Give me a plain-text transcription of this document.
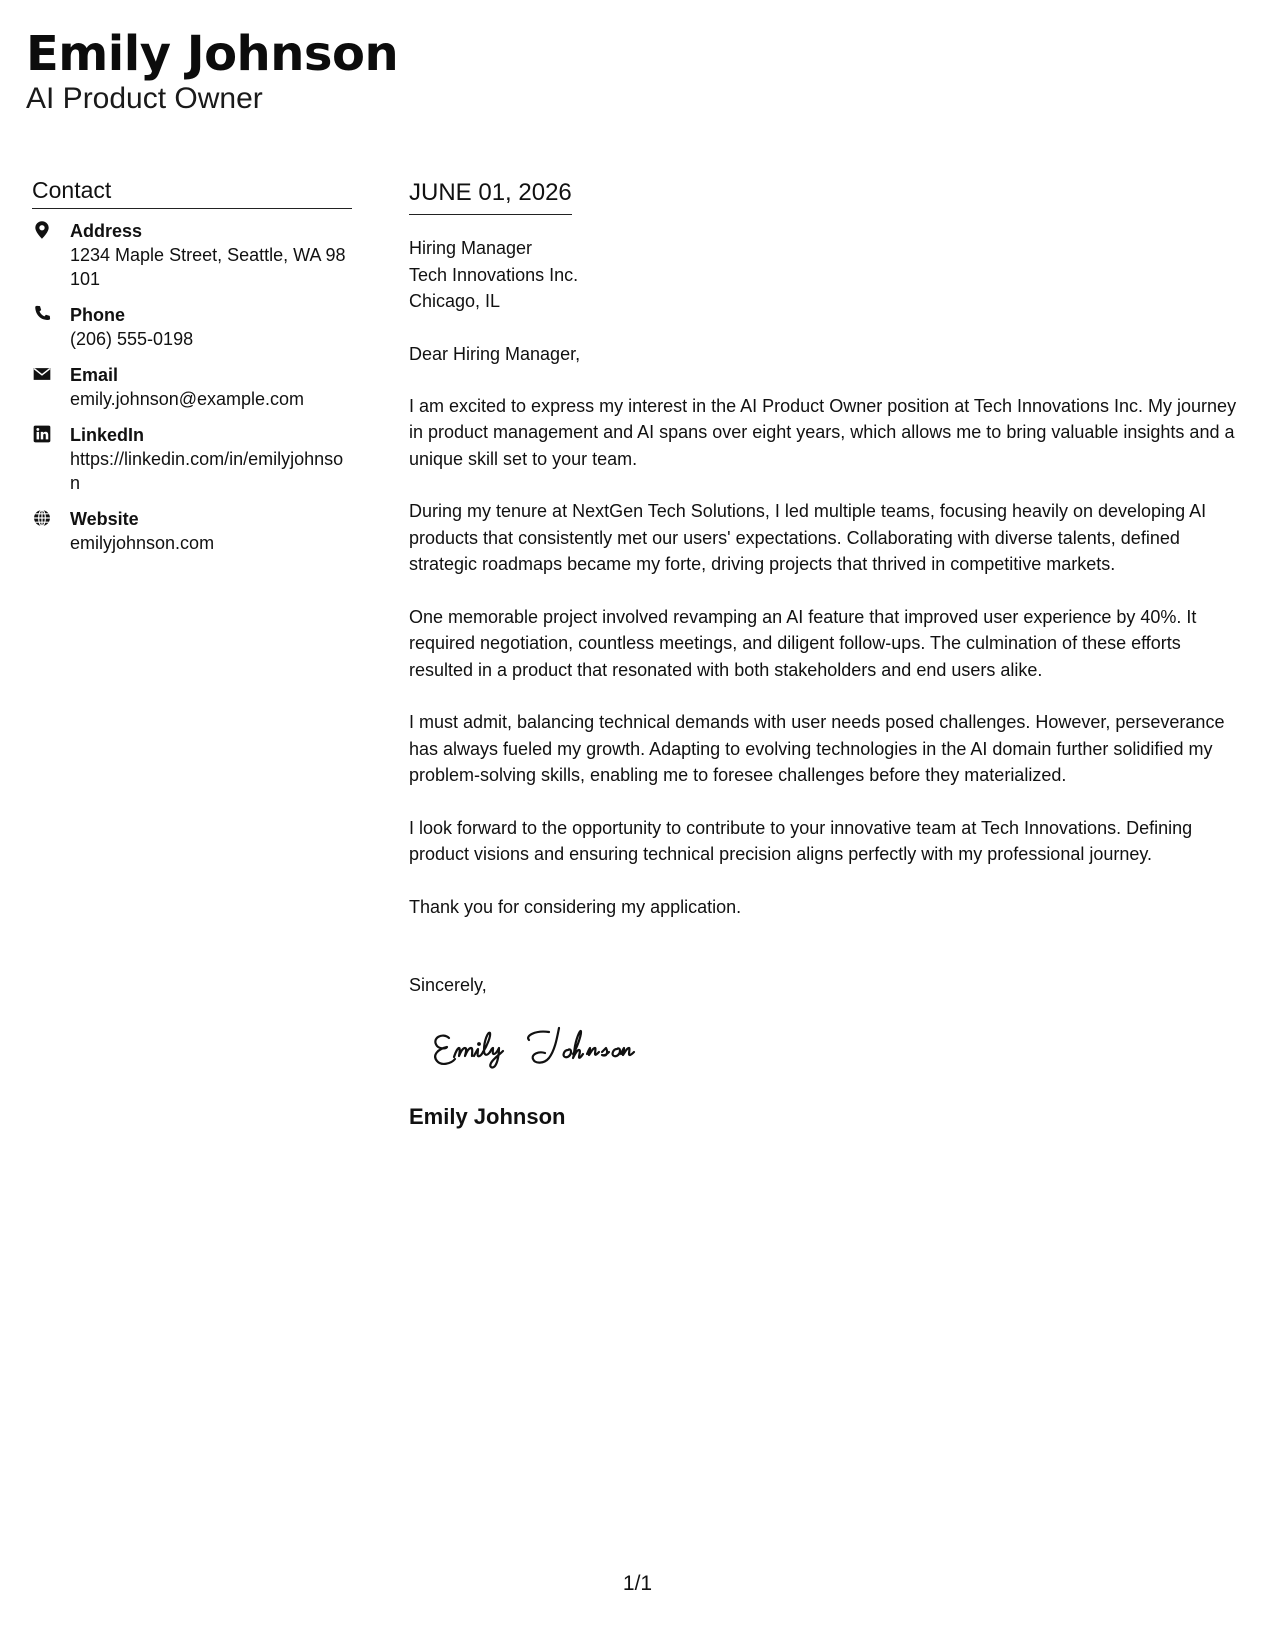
Emily Johnson
AI Product Owner
Contact
Address
1234 Maple Street, Seattle, WA 98101
Phone
(206) 555-0198
Email
emily.johnson@example.com
LinkedIn
https://linkedin.com/in/emilyjohnson
Website
emilyjohnson.com
JUNE 01, 2026
Hiring Manager
Tech Innovations Inc.
Chicago, IL

Dear Hiring Manager,

I am excited to express my interest in the AI Product Owner position at Tech Innovations Inc. My journey in product management and AI spans over eight years, which allows me to bring valuable insights and a unique skill set to your team.

During my tenure at NextGen Tech Solutions, I led multiple teams, focusing heavily on developing AI products that consistently met our users' expectations. Collaborating with diverse talents, defined strategic roadmaps became my forte, driving projects that thrived in competitive markets.

One memorable project involved revamping an AI feature that improved user experience by 40%. It required negotiation, countless meetings, and diligent follow-ups. The culmination of these efforts resulted in a product that resonated with both stakeholders and end users alike.

I must admit, balancing technical demands with user needs posed challenges. However, perseverance has always fueled my growth. Adapting to evolving technologies in the AI domain further solidified my problem-solving skills, enabling me to foresee challenges before they materialized.

I look forward to the opportunity to contribute to your innovative team at Tech Innovations. Defining product visions and ensuring technical precision aligns perfectly with my professional journey.

Thank you for considering my application.

Sincerely,
Emily Johnson
1/1
